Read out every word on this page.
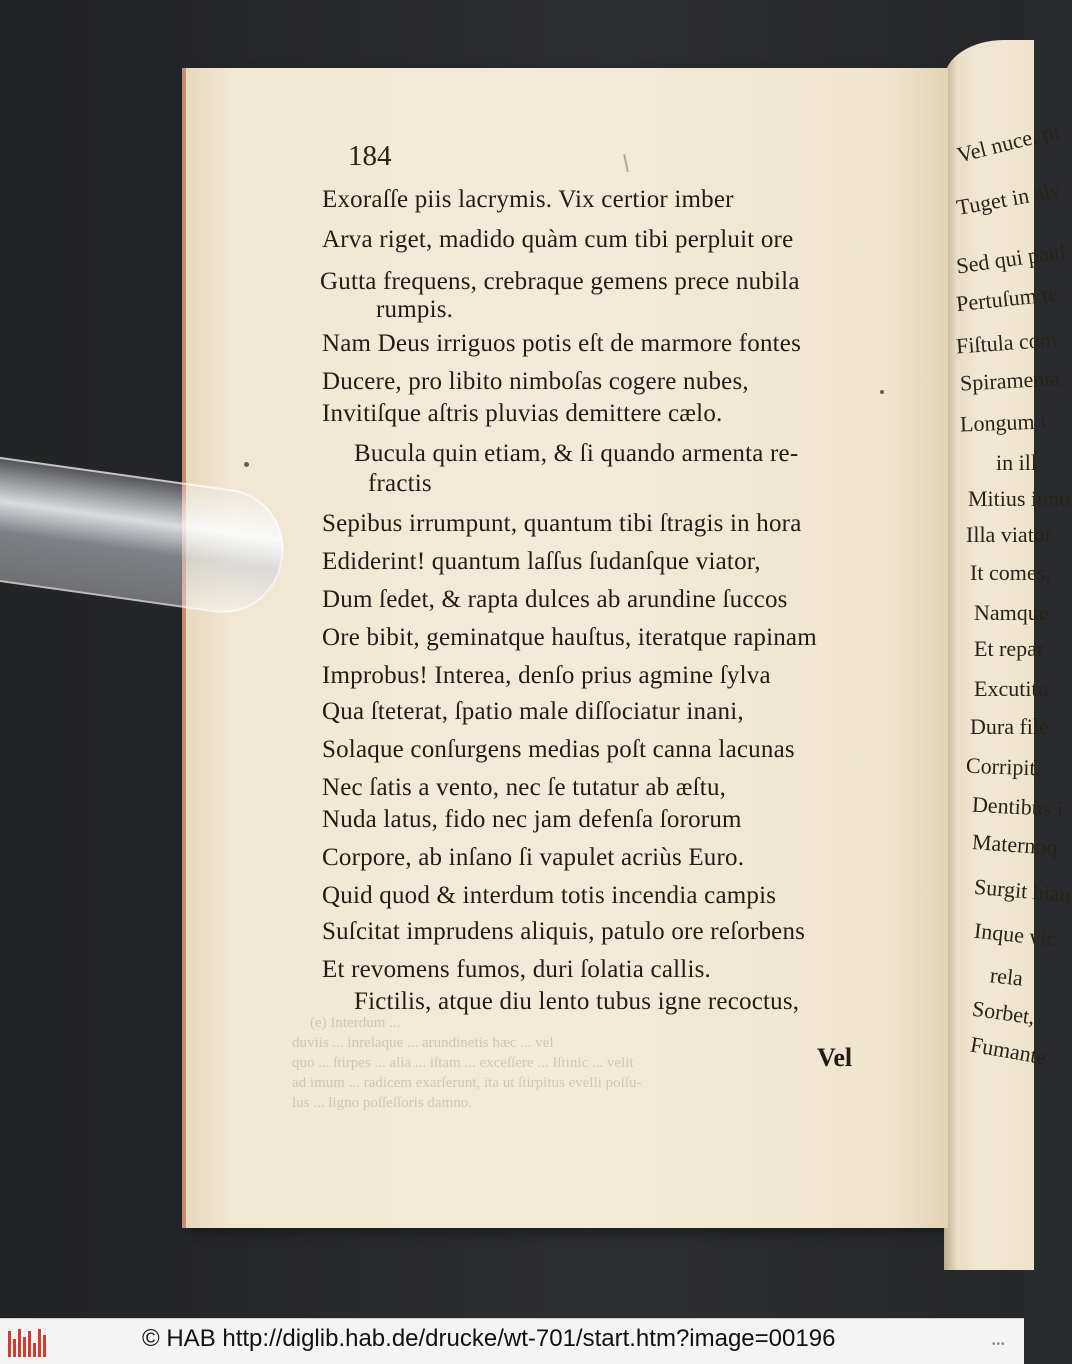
Vel nuce, pr
Tuget in alv
Sed qui paul
Pertuſum te
Fiſtula com
Spiramenta
Longum i
in ill
Mitius inno
Illa viator
It comes,
Namque
Et repar
Excutitu
Dura file
Corripit,
Dentibus i
Maternoq
Surgit hian
Inque vic
rela
Sorbet,
Fumante
184
Exoraſſe piis lacrymis. Vix certior imber
Arva riget, madido quàm cum tibi perpluit ore
Gutta frequens, crebraque gemens prece nubila
rumpis.
Nam Deus irriguos potis eſt de marmore fontes
Ducere, pro libito nimboſas cogere nubes,
Invitiſque aſtris pluvias demittere cælo.
Bucula quin etiam, & ſi quando armenta re-
fractis
Sepibus irrumpunt, quantum tibi ſtragis in hora
Ediderint! quantum laſſus ſudanſque viator,
Dum ſedet, & rapta dulces ab arundine ſuccos
Ore bibit, geminatque hauſtus, iteratque rapinam
Improbus! Interea, denſo prius agmine ſylva
Qua ſteterat, ſpatio male diſſociatur inani,
Solaque conſurgens medias poſt canna lacunas
Nec ſatis a vento, nec ſe tutatur ab æſtu,
Nuda latus, fido nec jam defenſa ſororum
Corpore, ab inſano ſi vapulet acriùs Euro.
Quid quod & interdum totis incendia campis
Suſcitat imprudens aliquis, patulo ore reſorbens
Et revomens fumos, duri ſolatia callis.
Fictilis, atque diu lento tubus igne recoctus,
(e) Interdum ...
duviis ... inrelaque ... arundinetis hæc ... vel
quo ... ſtirpes ... alia ... iſtam ... exceſſere ... Iſtinic ... velit
ad imum ... radicem exarſerunt, ita ut ſtirpitus evelli poſſu-
lus ... ligno poſſeſſoris damno.
Vel
© HAB http://diglib.hab.de/drucke/wt-701/start.htm?image=00196	•••
